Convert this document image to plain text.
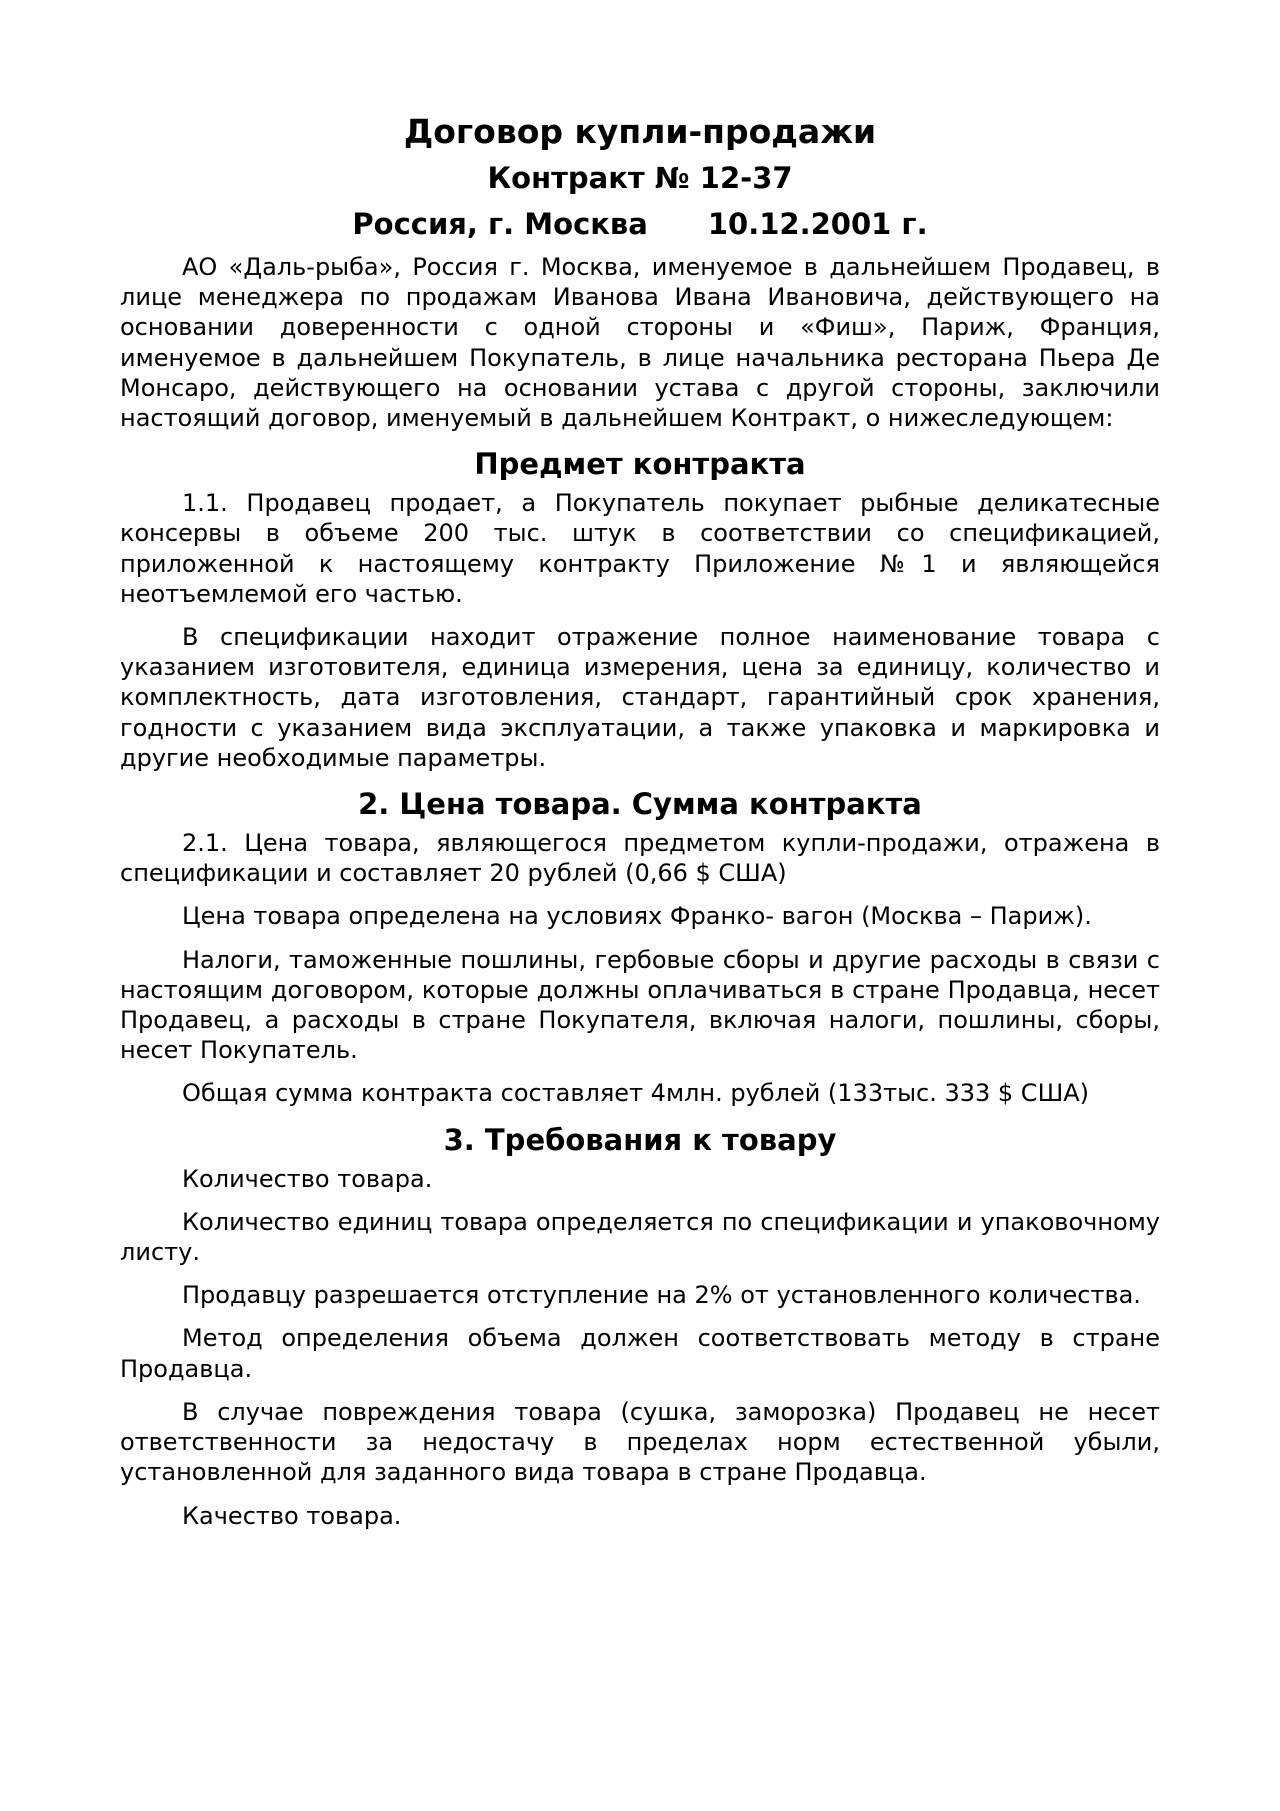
Договор купли-продажи
Контракт № 12-37
Россия, г. Москва 10.12.2001 г.

АО «Даль-рыба», Россия г. Москва, именуемое в дальнейшем Продавец, в лице менеджера по продажам Иванова Ивана Ивановича, действующего на основании доверенности с одной стороны и «Фиш», Париж, Франция, именуемое в дальнейшем Покупатель, в лице начальника ресторана Пьера Де Монсаро, действующего на основании устава с другой стороны, заключили настоящий договор, именуемый в дальнейшем Контракт, о нижеследующем:

Предмет контракта

1.1. Продавец продает, а Покупатель покупает рыбные деликатесные консервы в объеме 200 тыс. штук в соответствии со спецификацией, приложенной к настоящему контракту Приложение №1 и являющейся неотъемлемой его частью.

В спецификации находит отражение полное наименование товара с указанием изготовителя, единица измерения, цена за единицу, количество и комплектность, дата изготовления, стандарт, гарантийный срок хранения, годности с указанием вида эксплуатации, а также упаковка и маркировка и другие необходимые параметры.

2. Цена товара. Сумма контракта

2.1. Цена товара, являющегося предметом купли-продажи, отражена в спецификации и составляет 20 рублей (0,66 $ США)

Цена товара определена на условиях Франко- вагон (Москва – Париж).

Налоги, таможенные пошлины, гербовые сборы и другие расходы в связи с настоящим договором, которые должны оплачиваться в стране Продавца, несет Продавец, а расходы в стране Покупателя, включая налоги, пошлины, сборы, несет Покупатель.

Общая сумма контракта составляет 4млн. рублей (133тыс. 333 $ США)

3. Требования к товару

Количество товара.

Количество единиц товара определяется по спецификации и упаковочному листу.

Продавцу разрешается отступление на 2% от установленного количества.

Метод определения объема должен соответствовать методу в стране Продавца.

В случае повреждения товара (сушка, заморозка) Продавец не несет ответственности за недостачу в пределах норм естественной убыли, установленной для заданного вида товара в стране Продавца.

Качество товара.
